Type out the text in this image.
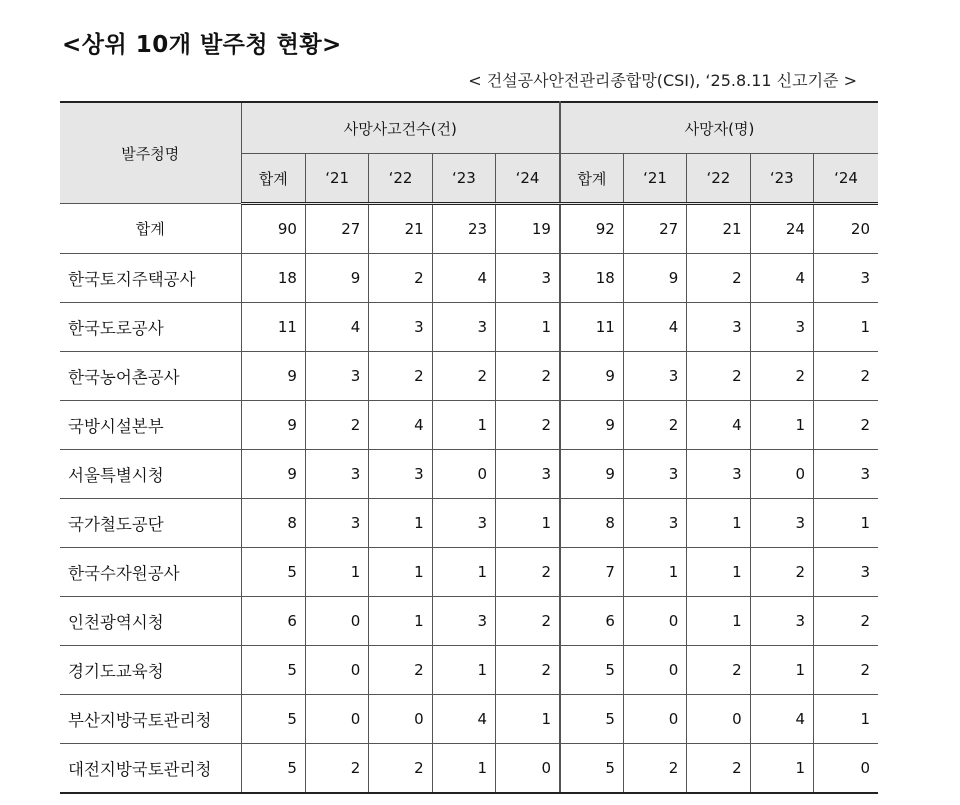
<상위 10개 발주청 현황>
< 건설공사안전관리종합망(CSI), ‘25.8.11 신고기준 >
발주청명	사망사고건수(건)					사망자(명)				
	합계	‘21	‘22	‘23	‘24	합계	‘21	‘22	‘23	‘24
합계	90	27	21	23	19	92	27	21	24	20
한국토지주택공사	18	9	2	4	3	18	9	2	4	3
한국도로공사	11	4	3	3	1	11	4	3	3	1
한국농어촌공사	9	3	2	2	2	9	3	2	2	2
국방시설본부	9	2	4	1	2	9	2	4	1	2
서울특별시청	9	3	3	0	3	9	3	3	0	3
국가철도공단	8	3	1	3	1	8	3	1	3	1
한국수자원공사	5	1	1	1	2	7	1	1	2	3
인천광역시청	6	0	1	3	2	6	0	1	3	2
경기도교육청	5	0	2	1	2	5	0	2	1	2
부산지방국토관리청	5	0	0	4	1	5	0	0	4	1
대전지방국토관리청	5	2	2	1	0	5	2	2	1	0
